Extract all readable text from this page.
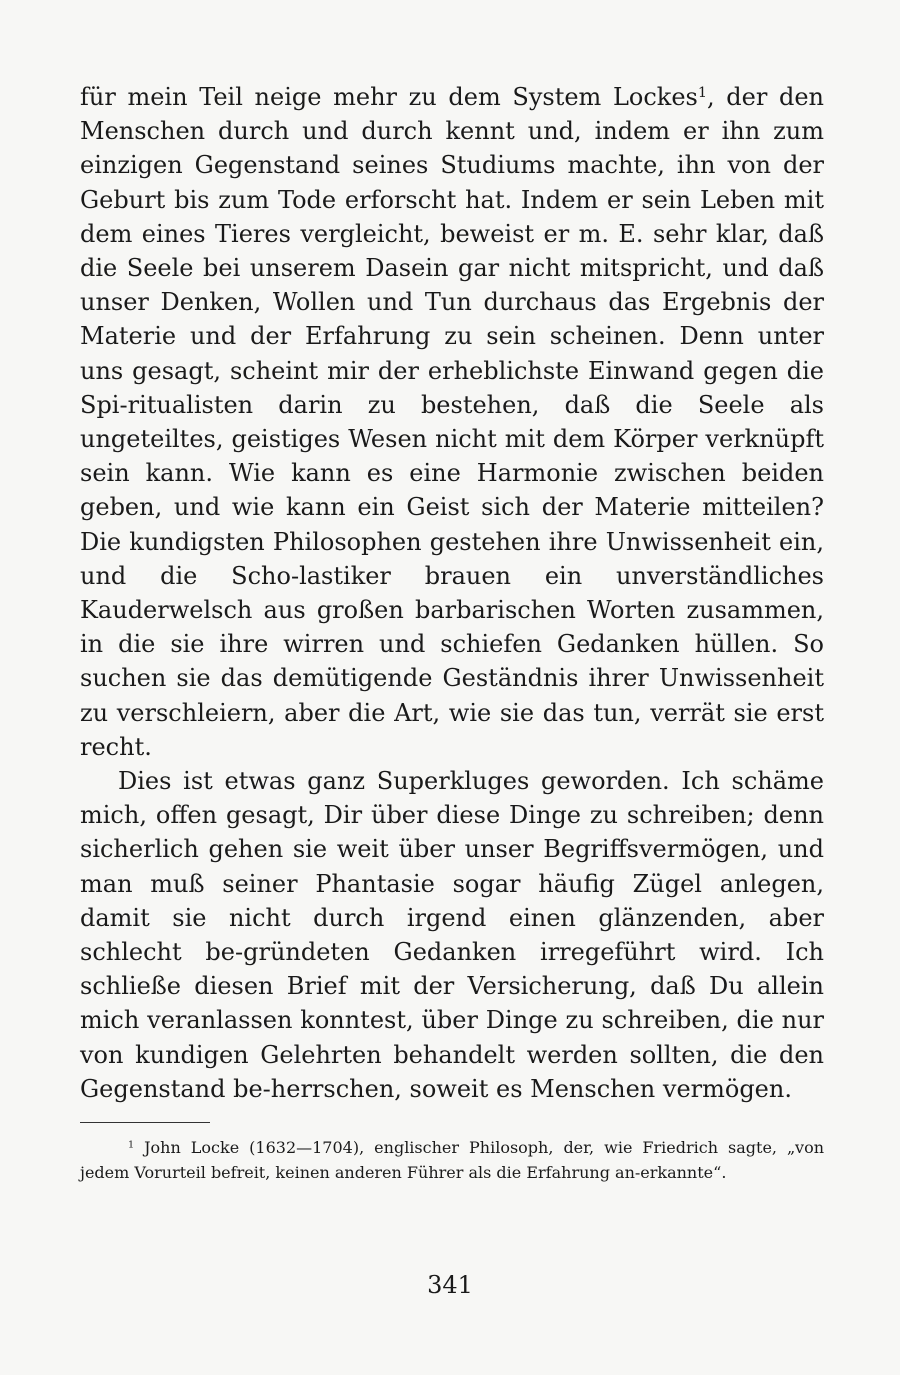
für mein Teil neige mehr zu dem System Lockes$^1$, der den Menschen durch und durch kennt und, indem er ihn zum einzigen Gegenstand seines Studiums machte, ihn von der Geburt bis zum Tode erforscht hat. Indem er sein Leben mit dem eines Tieres vergleicht, beweist er m. E. sehr klar, daß die Seele bei unserem Dasein gar nicht mitspricht, und daß unser Denken, Wollen und Tun durchaus das Ergebnis der Materie und der Erfahrung zu sein scheinen. Denn unter uns gesagt, scheint mir der erheblichste Einwand gegen die Spi-ritualisten darin zu bestehen, daß die Seele als ungeteiltes, geistiges Wesen nicht mit dem Körper verknüpft sein kann. Wie kann es eine Harmonie zwischen beiden geben, und wie kann ein Geist sich der Materie mitteilen? Die kundigsten Philosophen gestehen ihre Unwissenheit ein, und die Scho-lastiker brauen ein unverständliches Kauderwelsch aus großen barbarischen Worten zusammen, in die sie ihre wirren und schiefen Gedanken hüllen. So suchen sie das demütigende Geständnis ihrer Unwissenheit zu verschleiern, aber die Art, wie sie das tun, verrät sie erst recht.

Dies ist etwas ganz Superkluges geworden. Ich schäme mich, offen gesagt, Dir über diese Dinge zu schreiben; denn sicherlich gehen sie weit über unser Begriffsvermögen, und man muß seiner Phantasie sogar häufig Zügel anlegen, damit sie nicht durch irgend einen glänzenden, aber schlecht be-gründeten Gedanken irregeführt wird. Ich schließe diesen Brief mit der Versicherung, daß Du allein mich veranlassen konntest, über Dinge zu schreiben, die nur von kundigen Gelehrten behandelt werden sollten, die den Gegenstand be-herrschen, soweit es Menschen vermögen.

$^1$ John Locke (1632—1704), englischer Philosoph, der, wie Friedrich sagte, „von jedem Vorurteil befreit, keinen anderen Führer als die Erfahrung an-erkannte“.

341
